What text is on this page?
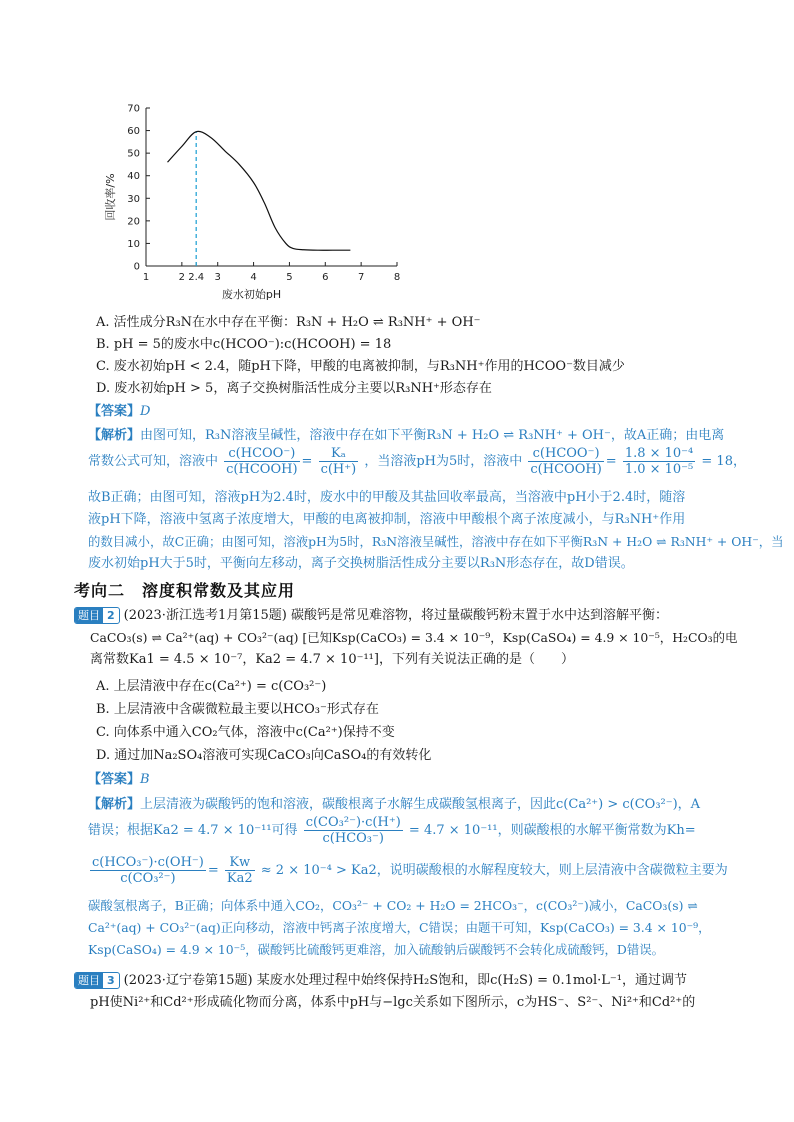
1	2 2.4 3	4	5	6	7	8
0
10
20
30
40
50
60
70
废水初始pH
回收率/%
A. 活性成分R₃N在水中存在平衡：R₃N + H₂O ⇌ R₃NH⁺ + OH⁻
B. pH = 5的废水中c(HCOO⁻):c(HCOOH) = 18
C. 废水初始pH < 2.4，随pH下降，甲酸的电离被抑制，与R₃NH⁺作用的HCOO⁻数目减少
D. 废水初始pH > 5，离子交换树脂活性成分主要以R₃NH⁺形态存在
【答案】D
【解析】由图可知，R₃N溶液呈碱性，溶液中存在如下平衡R₃N + H₂O ⇌ R₃NH⁺ + OH⁻，故A正确；由电离
常数公式可知，溶液中 $\frac{\text{c(HCOO⁻)}}{\text{c(HCOOH)}} = \frac{\text{Kₐ}}{c(H^+)}$ ，当溶液pH为5时，溶液中 $\frac{\text{c(HCOO⁻)}}{\text{c(HCOOH)}} = \frac{\text{1.8 × 10⁻⁴}}{\text{1.0 × 10⁻⁵}} = 18$，
故B正确；由图可知，溶液pH为2.4时，废水中的甲酸及其盐回收率最高，当溶液中pH小于2.4时，随溶
液pH下降，溶液中氢离子浓度增大，甲酸的电离被抑制，溶液中甲酸根个离子浓度减小，与R₃NH⁺作用
的数目减小，故C正确；由图可知，溶液pH为5时，R₃N溶液呈碱性，溶液中存在如下平衡R₃N + H₂O ⇌ R₃NH⁺ + OH⁻，当
废水初始pH大于5时，平衡向左移动，离子交换树脂活性成分主要以R₃N形态存在，故D错误。
考向二　溶度积常数及其应用
题目 2 (2023·浙江选考1月第15题) 碳酸钙是常见难溶物，将过量碳酸钙粉末置于水中达到溶解平衡：
CaCO₃(s) ⇌ Ca²⁺(aq) + CO₃²⁻(aq) [已知Ksp(CaCO₃) = 3.4 × 10⁻⁹，Ksp(CaSO₄) = 4.9 × 10⁻⁵，H₂CO₃的电
离常数Ka1 = 4.5 × 10⁻⁷，Ka2 = 4.7 × 10⁻¹¹]，下列有关说法正确的是（　　）
A. 上层清液中存在c(Ca²⁺) = c(CO₃²⁻)
B. 上层清液中含碳微粒最主要以HCO₃⁻形式存在
C. 向体系中通入CO₂气体，溶液中c(Ca²⁺)保持不变
D. 通过加Na₂SO₄溶液可实现CaCO₃向CaSO₄的有效转化
【答案】B
【解析】上层清液为碳酸钙的饱和溶液，碳酸根离子水解生成碳酸氢根离子，因此c(Ca²⁺) > c(CO₃²⁻)，A
错误；根据Ka2 = 4.7 × 10⁻¹¹可得 $\frac{\text{c(CO₃²⁻)·c(H⁺)}}{\text{c(HCO₃⁻)}} = 4.7 \times 10^{-11}$，则碳酸根的水解平衡常数为Kh=
$\frac{\text{c(HCO₃⁻)·c(OH⁻)}}{\text{c(CO₃²⁻)}} = \frac{Kw}{Ka2} \approx 2 \times 10^{-4} > Ka2$，说明碳酸根的水解程度较大，则上层清液中含碳微粒主要为
碳酸氢根离子，B正确；向体系中通入CO₂，CO₃²⁻ + CO₂ + H₂O = 2HCO₃⁻，c(CO₃²⁻)减小，CaCO₃(s) ⇌
Ca²⁺(aq) + CO₃²⁻(aq)正向移动，溶液中钙离子浓度增大，C错误；由题干可知，Ksp(CaCO₃) = 3.4 × 10⁻⁹，
Ksp(CaSO₄) = 4.9 × 10⁻⁵，碳酸钙比硫酸钙更难溶，加入硫酸钠后碳酸钙不会转化成硫酸钙，D错误。
题目 3 (2023·辽宁卷第15题) 某废水处理过程中始终保持H₂S饱和，即c(H₂S) = 0.1mol·L⁻¹，通过调节
pH使Ni²⁺和Cd²⁺形成硫化物而分离，体系中pH与−lgc关系如下图所示，c为HS⁻、S²⁻、Ni²⁺和Cd²⁺的
